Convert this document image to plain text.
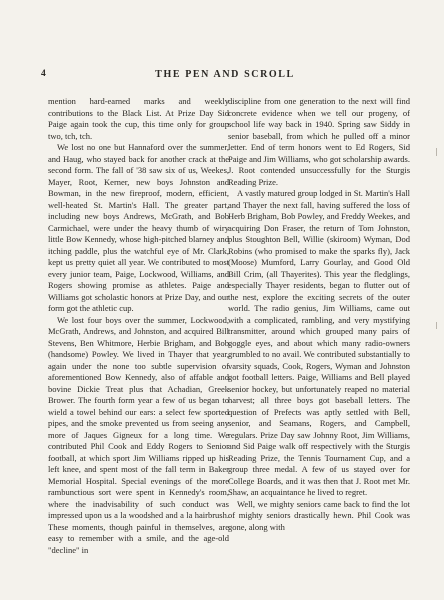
4	THE PEN AND SCROLL

mention hard-earned marks and weekly contributions to the Black List. At Prize Day Sid Paige again took the cup, this time only for group two, tch, tch.

We lost no one but Hannaford over the summer, and Haug, who stayed back for another crack at the second form. The fall of '38 saw six of us, Weekes, Mayer, Root, Kerner, new boys Johnston and Bowman, in the new fireproof, modern, efficient, well-heated St. Martin's Hall. The greater part, including new boys Andrews, McGrath, and Bob Carmichael, were under the heavy thumb of wiry little Bow Kennedy, whose high-pitched blarney and itching paddle, plus the watchful eye of Mr. Clark, kept us pretty quiet all year. We contributed to most every junior team, Paige, Lockwood, Williams, and Rogers showing promise as athletes. Paige and Williams got scholastic honors at Prize Day, and our form got the athletic cup.

We lost four boys over the summer, Lockwood, McGrath, Andrews, and Johnston, and acquired Bill Stevens, Ben Whitmore, Herbie Brigham, and Bob (handsome) Powley. We lived in Thayer that year, again under the none too subtle supervision of aforementioned Bow Kennedy, also of affable and bovine Dickie Treat plus that Achadian, Greek Brower. The fourth form year a few of us began to wield a towel behind our ears: a select few sported pipes, and the smoke prevented us from seeing any more of Jaques Gigneux for a long time. We contributed Phil Cook and Eddy Rogers to Senior football, at which sport Jim Williams ripped up his left knee, and spent most of the fall term in Baker Memorial Hospital. Special evenings of the more rambunctious sort were spent in Kennedy's room, where the inadvisability of such conduct was impressed upon us a la woodshed and a la hairbrush. These moments, though painful in themselves, are easy to remember with a smile, and the age-old "decline" in

discipline from one generation to the next will find concrete evidence when we tell our progeny, of school life way back in 1940. Spring saw Siddy in senior baseball, from which he pulled off a minor letter. End of term honors went to Ed Rogers, Sid Paige and Jim Williams, who got scholarship awards. J. Root contended unsuccessfully for the Sturgis Reading Prize.

A vastly matured group lodged in St. Martin's Hall and Thayer the next fall, having suffered the loss of Herb Brigham, Bob Powley, and Freddy Weekes, and acquiring Don Fraser, the return of Tom Johnston, plus Stoughton Bell, Willie (skiroom) Wyman, Dod Robins (who promised to make the sparks fly), Jack (Moose) Mumford, Larry Gourlay, and Good Old Bill Crim, (all Thayerites). This year the fledglings, especially Thayer residents, began to flutter out of the nest, explore the exciting secrets of the outer world. The radio genius, Jim Williams, came out with a complicated, rambling, and very mystifying transmitter, around which grouped many pairs of goggle eyes, and about which many radio-owners grumbled to no avail. We contributed substantially to varsity squads, Cook, Rogers, Wyman and Johnston got football letters. Paige, Williams and Bell played senior hockey, but unfortunately reaped no material harvest; all three boys got baseball letters. The question of Prefects was aptly settled with Bell, senior, and Seamans, Rogers, and Campbell, regulars. Prize Day saw Johnny Root, Jim Williams, and Sid Paige walk off respectively with the Sturgis Reading Prize, the Tennis Tournament Cup, and a group three medal. A few of us stayed over for College Boards, and it was then that J. Root met Mr. Shaw, an acquaintance he lived to regret.

Well, we mighty seniors came back to find the lot of mighty seniors drastically hewn. Phil Cook was gone, along with
